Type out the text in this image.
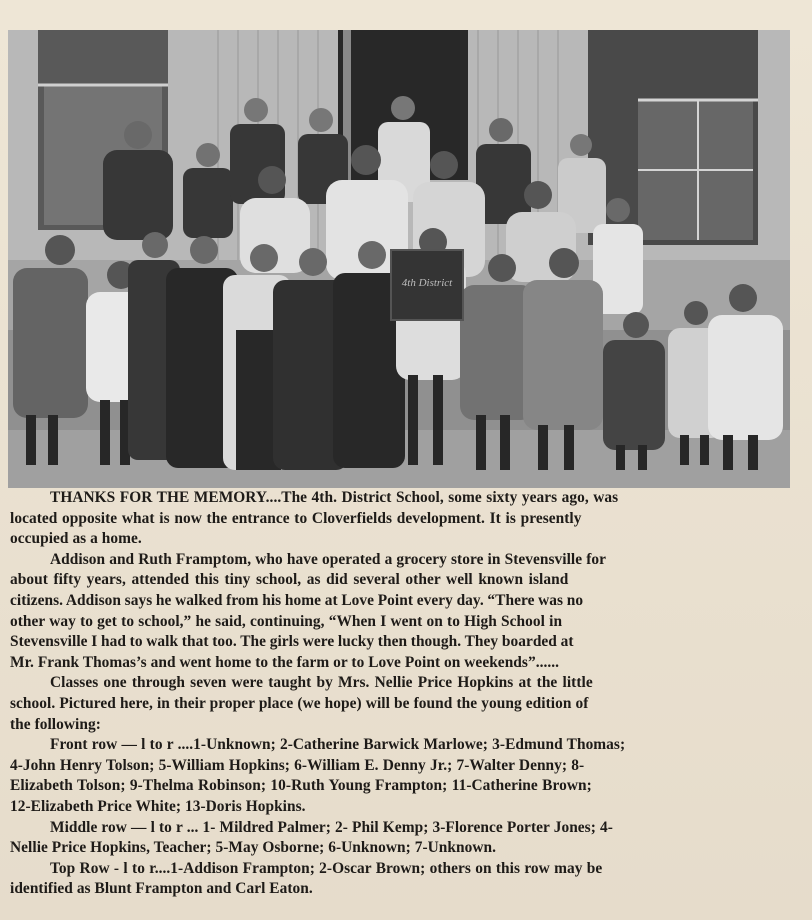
4th District
THANKS FOR THE MEMORY....The 4th. District School, some sixty years ago, was
located opposite what is now the entrance to Cloverfields development. It is presently
occupied as a home.
Addison and Ruth Framptom, who have operated a grocery store in Stevensville for
about fifty years, attended this tiny school, as did several other well known island
citizens. Addison says he walked from his home at Love Point every day. “There was no
other way to get to school,” he said, continuing, “When I went on to High School in
Stevensville I had to walk that too. The girls were lucky then though. They boarded at
Mr. Frank Thomas’s and went home to the farm or to Love Point on weekends”......
Classes one through seven were taught by Mrs. Nellie Price Hopkins at the little
school. Pictured here, in their proper place (we hope) will be found the young edition of
the following:
Front row — l to r ....1-Unknown; 2-Catherine Barwick Marlowe; 3-Edmund Thomas;
4-John Henry Tolson; 5-William Hopkins; 6-William E. Denny Jr.; 7-Walter Denny; 8-
Elizabeth Tolson; 9-Thelma Robinson; 10-Ruth Young Frampton; 11-Catherine Brown;
12-Elizabeth Price White; 13-Doris Hopkins.
Middle row — l to r ... 1- Mildred Palmer; 2- Phil Kemp; 3-Florence Porter Jones; 4-
Nellie Price Hopkins, Teacher; 5-May Osborne; 6-Unknown; 7-Unknown.
Top Row - l to r....1-Addison Frampton; 2-Oscar Brown; others on this row may be
identified as Blunt Frampton and Carl Eaton.
